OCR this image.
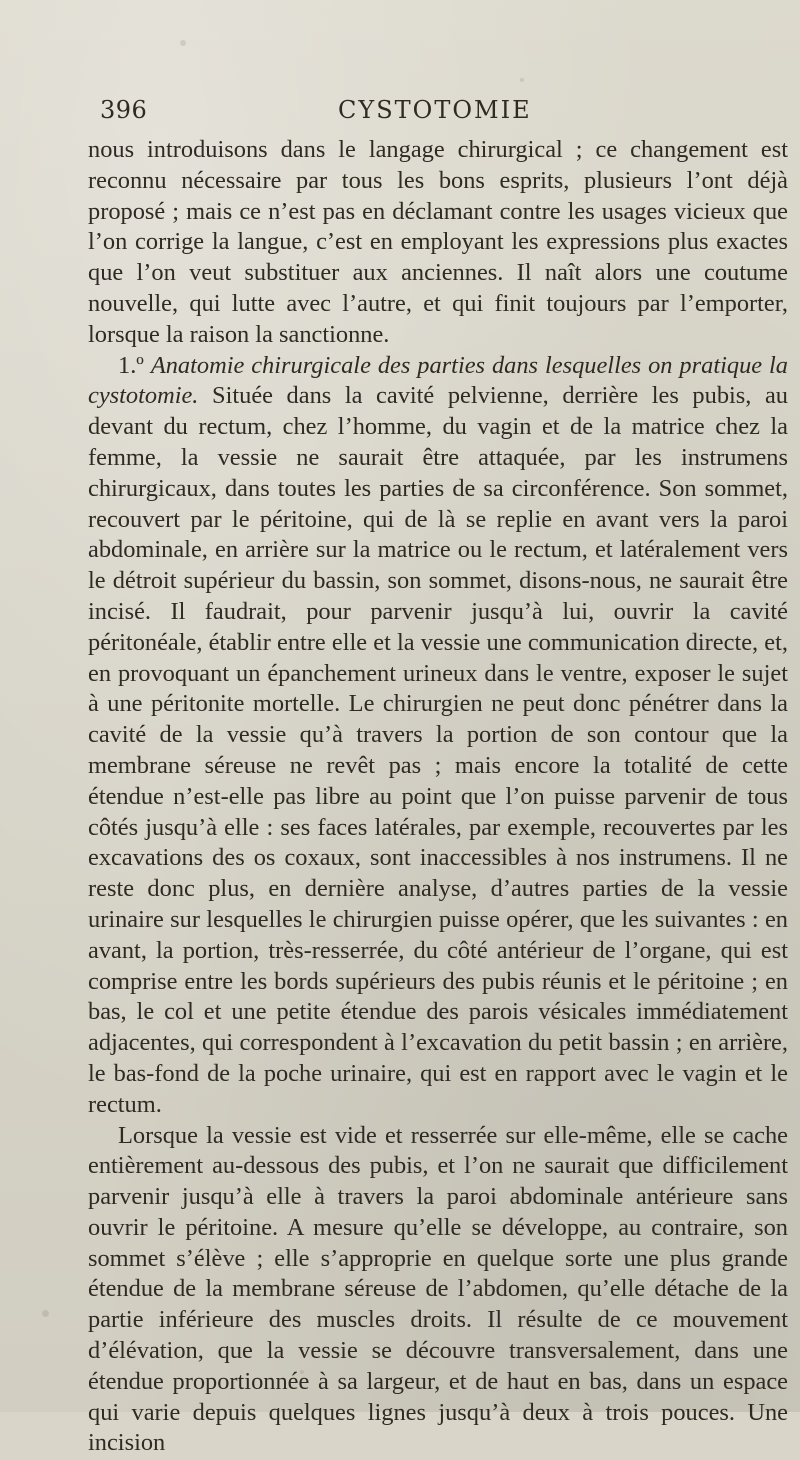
396	CYSTOTOMIE

nous introduisons dans le langage chirurgical ; ce changement est reconnu nécessaire par tous les bons esprits, plusieurs l’ont déjà proposé ; mais ce n’est pas en déclamant contre les usages vicieux que l’on corrige la langue, c’est en employant les expressions plus exactes que l’on veut substituer aux anciennes. Il naît alors une coutume nouvelle, qui lutte avec l’autre, et qui finit toujours par l’emporter, lorsque la raison la sanctionne.

1.º Anatomie chirurgicale des parties dans lesquelles on pratique la cystotomie. Située dans la cavité pelvienne, derrière les pubis, au devant du rectum, chez l’homme, du vagin et de la matrice chez la femme, la vessie ne saurait être attaquée, par les instrumens chirurgicaux, dans toutes les parties de sa circonférence. Son sommet, recouvert par le péritoine, qui de là se replie en avant vers la paroi abdominale, en arrière sur la matrice ou le rectum, et latéralement vers le détroit supérieur du bassin, son sommet, disons-nous, ne saurait être incisé. Il faudrait, pour parvenir jusqu’à lui, ouvrir la cavité péritonéale, établir entre elle et la vessie une communication directe, et, en provoquant un épanchement urineux dans le ventre, exposer le sujet à une péritonite mortelle. Le chirurgien ne peut donc pénétrer dans la cavité de la vessie qu’à travers la portion de son contour que la membrane séreuse ne revêt pas ; mais encore la totalité de cette étendue n’est-elle pas libre au point que l’on puisse parvenir de tous côtés jusqu’à elle : ses faces latérales, par exemple, recouvertes par les excavations des os coxaux, sont inaccessibles à nos instrumens. Il ne reste donc plus, en dernière analyse, d’autres parties de la vessie urinaire sur lesquelles le chirurgien puisse opérer, que les suivantes : en avant, la portion, très-resserrée, du côté antérieur de l’organe, qui est comprise entre les bords supérieurs des pubis réunis et le péritoine ; en bas, le col et une petite étendue des parois vésicales immédiatement adjacentes, qui correspondent à l’excavation du petit bassin ; en arrière, le bas-fond de la poche urinaire, qui est en rapport avec le vagin et le rectum.

Lorsque la vessie est vide et resserrée sur elle-même, elle se cache entièrement au-dessous des pubis, et l’on ne saurait que difficilement parvenir jusqu’à elle à travers la paroi abdominale antérieure sans ouvrir le péritoine. A mesure qu’elle se développe, au contraire, son sommet s’élève ; elle s’approprie en quelque sorte une plus grande étendue de la membrane séreuse de l’abdomen, qu’elle détache de la partie inférieure des muscles droits. Il résulte de ce mouvement d’élévation, que la vessie se découvre transversalement, dans une étendue proportionnée à sa largeur, et de haut en bas, dans un espace qui varie depuis quelques lignes jusqu’à deux à trois pouces. Une incision
